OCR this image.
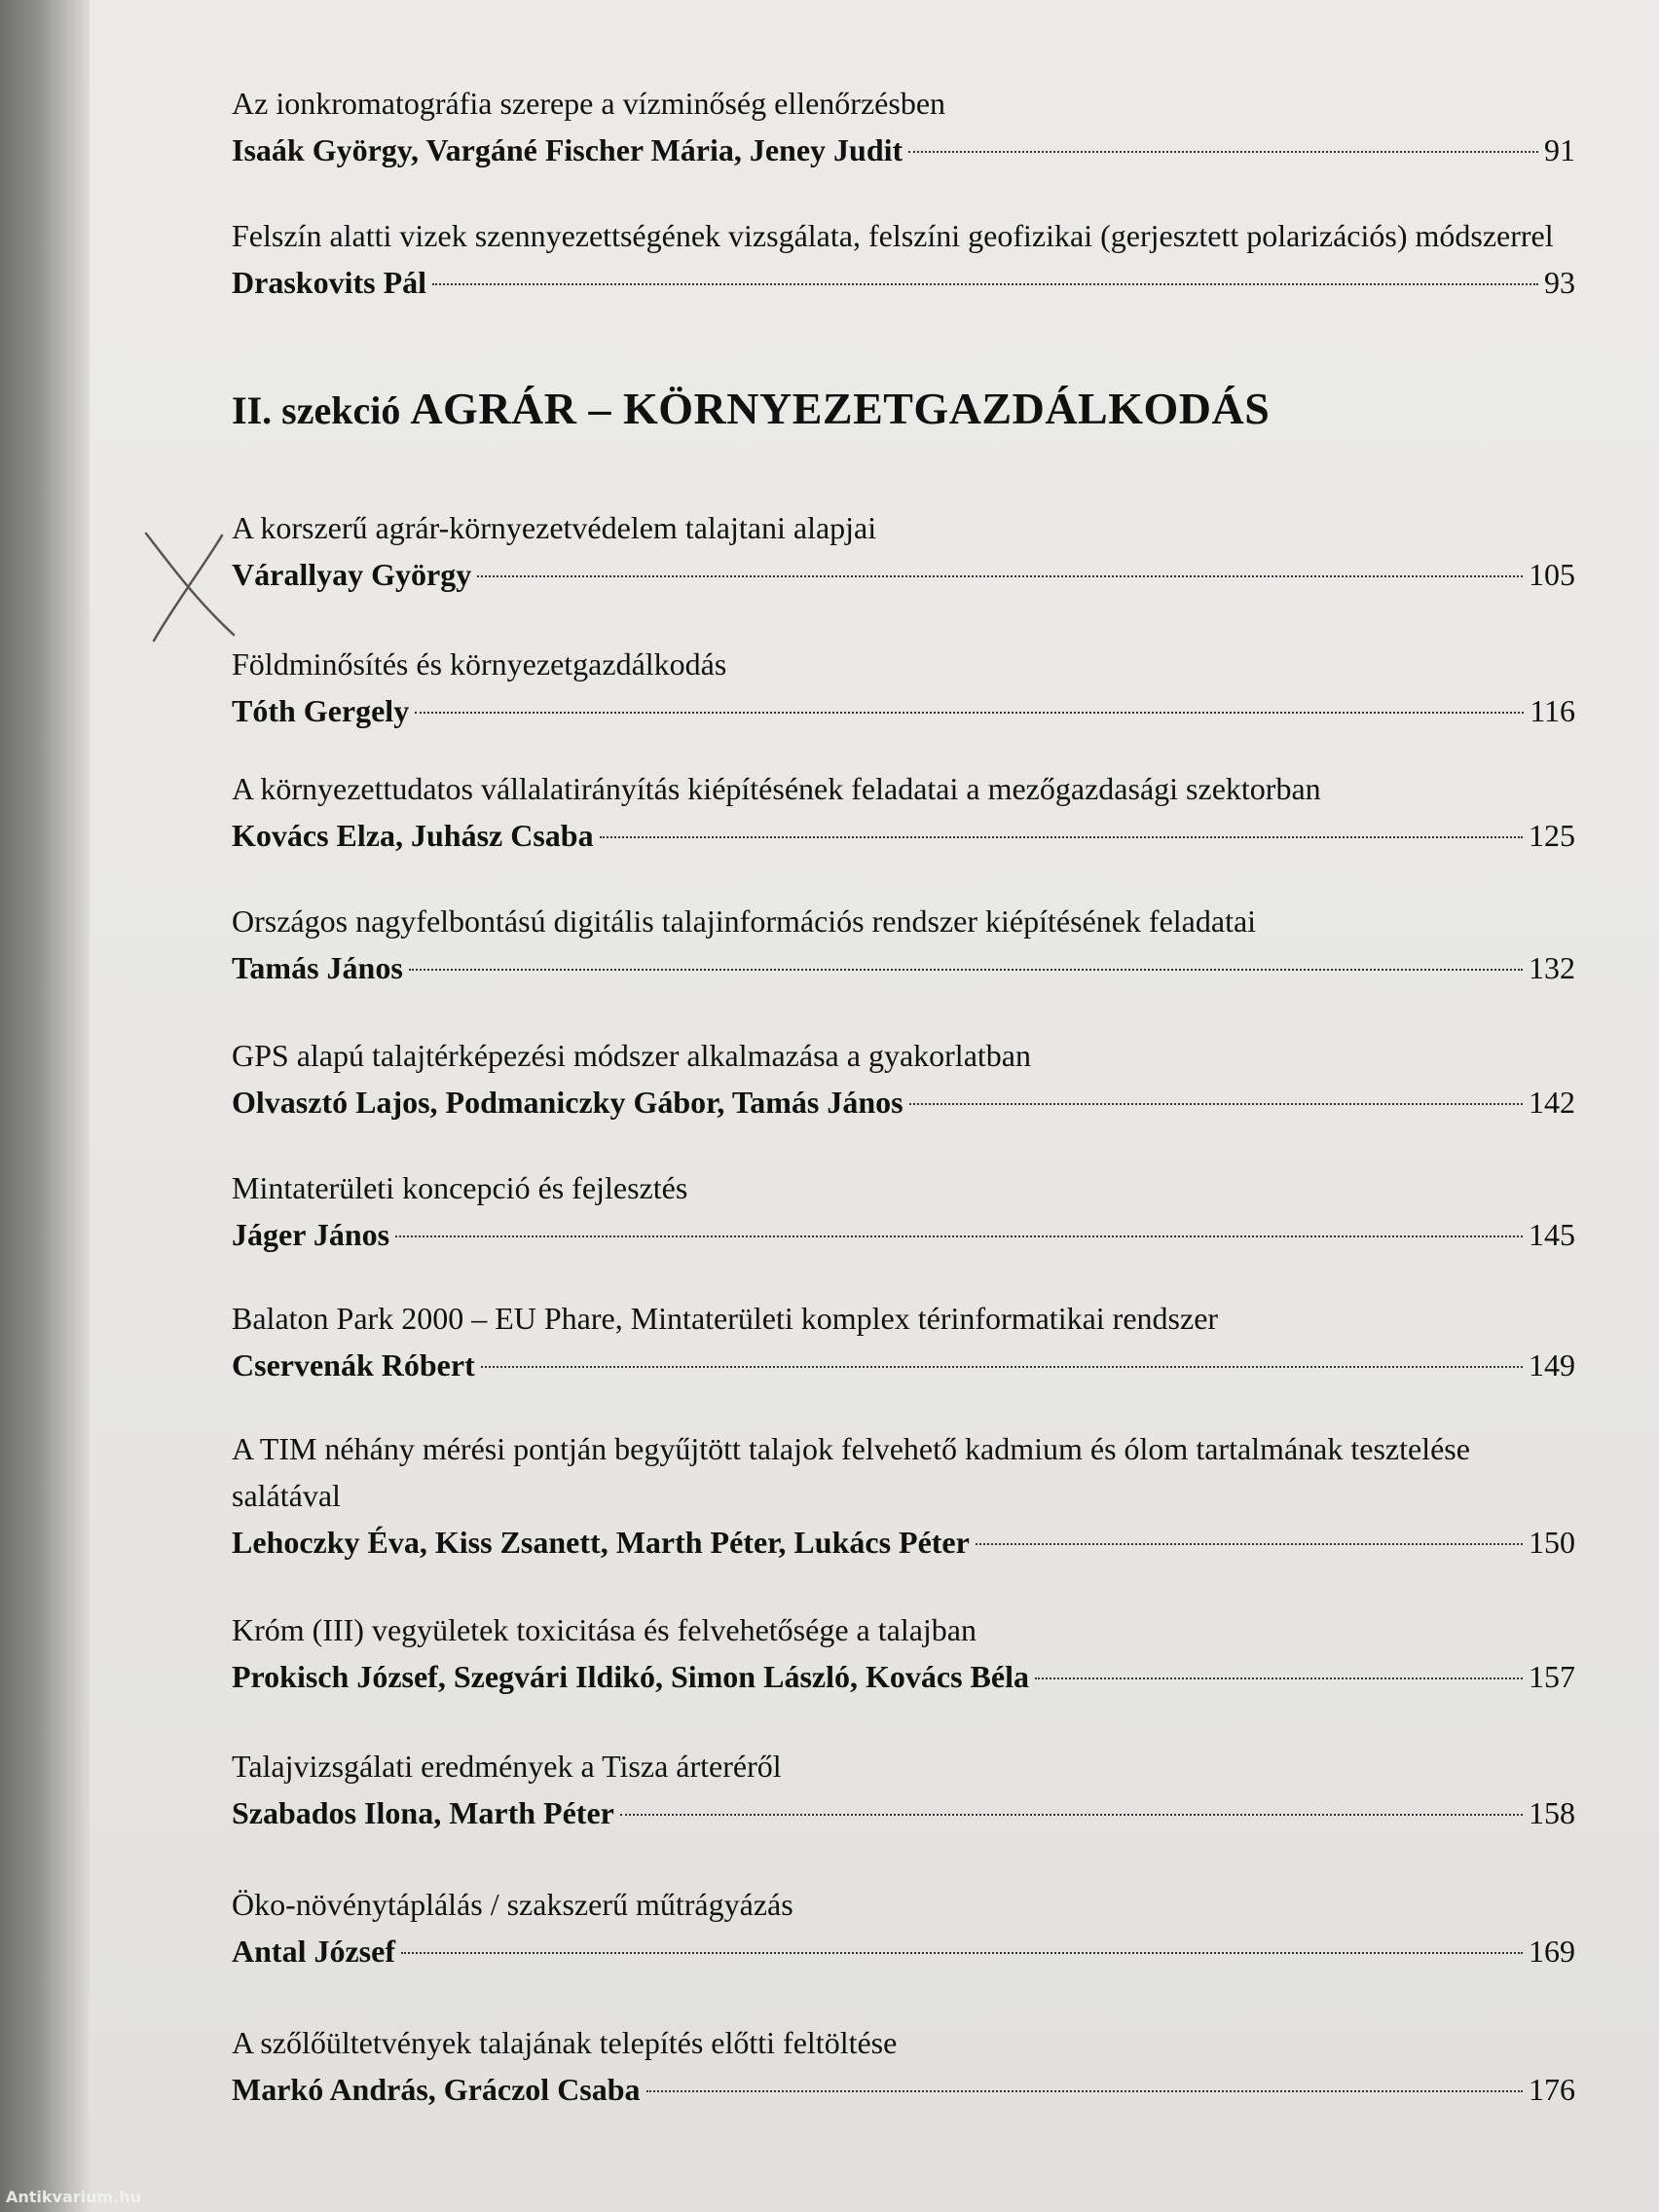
Az ionkromatográfia szerepe a vízminőség ellenőrzésben
Isaák György, Vargáné Fischer Mária, Jeney Judit	91
Felszín alatti vizek szennyezettségének vizsgálata, felszíni geofizikai (gerjesztett polarizációs) módszerrel
Draskovits Pál	93
II. szekció AGRÁR – KÖRNYEZETGAZDÁLKODÁS
A korszerű agrár-környezetvédelem talajtani alapjai
Várallyay György	105
Földminősítés és környezetgazdálkodás
Tóth Gergely	116
A környezettudatos vállalatirányítás kiépítésének feladatai a mezőgazdasági szektorban
Kovács Elza, Juhász Csaba	125
Országos nagyfelbontású digitális talajinformációs rendszer kiépítésének feladatai
Tamás János	132
GPS alapú talajtérképezési módszer alkalmazása a gyakorlatban
Olvasztó Lajos, Podmaniczky Gábor, Tamás János	142
Mintaterületi koncepció és fejlesztés
Jáger János	145
Balaton Park 2000 – EU Phare, Mintaterületi komplex térinformatikai rendszer
Cservenák Róbert	149
A TIM néhány mérési pontján begyűjtött talajok felvehető kadmium és ólom tartalmának tesztelése salátával
Lehoczky Éva, Kiss Zsanett, Marth Péter, Lukács Péter	150
Króm (III) vegyületek toxicitása és felvehetősége a talajban
Prokisch József, Szegvári Ildikó, Simon László, Kovács Béla	157
Talajvizsgálati eredmények a Tisza árteréről
Szabados Ilona, Marth Péter	158
Öko-növénytáplálás / szakszerű műtrágyázás
Antal József	169
A szőlőültetvények talajának telepítés előtti feltöltése
Markó András, Gráczol Csaba	176
Antikvarium.hu
